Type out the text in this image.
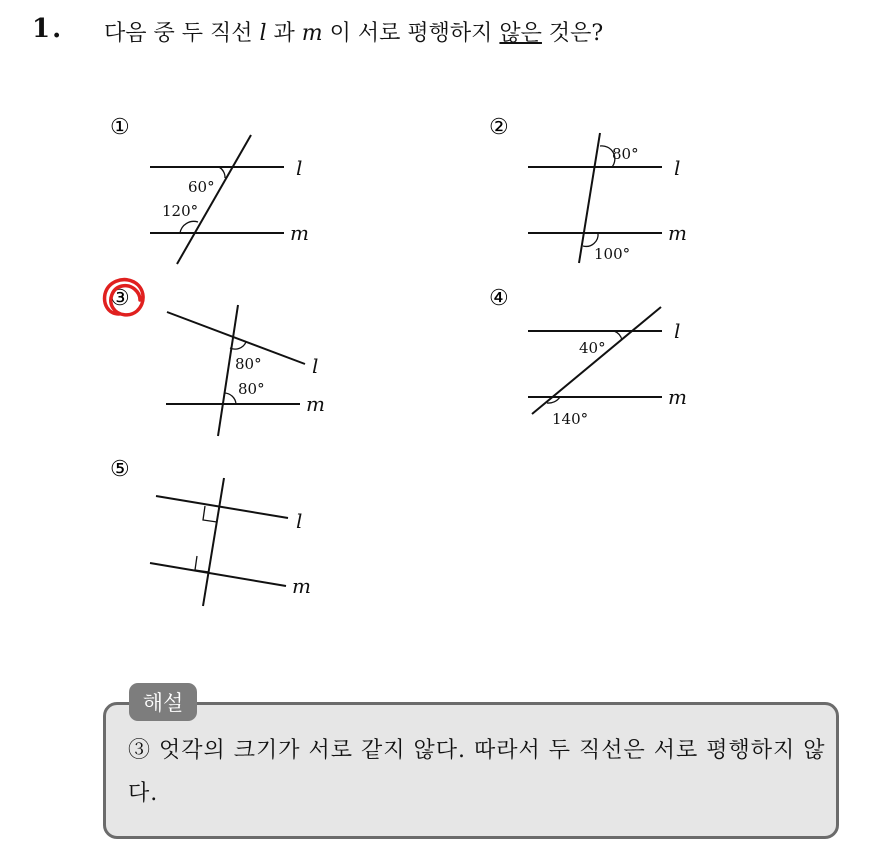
1. 다음 중 두 직선 l 과 m 이 서로 평행하지 않은 것은?
①	②
③	④
⑤
60°
120°
80°
100°
80°
80°
40°
140°
l
m
l
m
l
m
l
m
l
m
해설
③ 엇각의 크기가 서로 같지 않다. 따라서 두 직선은 서로 평행하지 않다.
